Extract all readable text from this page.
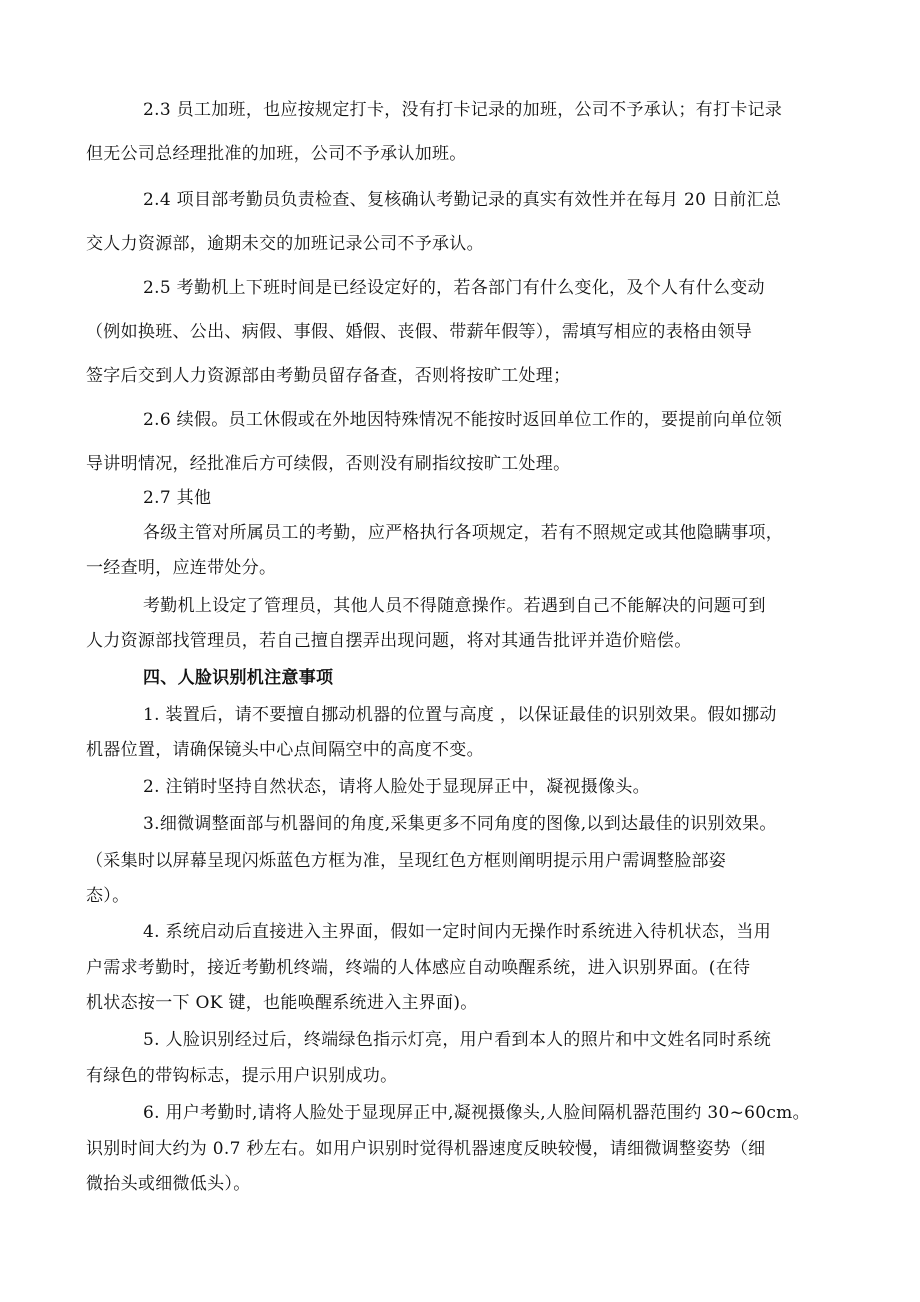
2.3 员工加班，也应按规定打卡，没有打卡记录的加班，公司不予承认；有打卡记录
但无公司总经理批准的加班，公司不予承认加班。
2.4 项目部考勤员负责检查、复核确认考勤记录的真实有效性并在每月 20 日前汇总
交人力资源部，逾期未交的加班记录公司不予承认。
2.5 考勤机上下班时间是已经设定好的，若各部门有什么变化，及个人有什么变动
（例如换班、公出、病假、事假、婚假、丧假、带薪年假等），需填写相应的表格由领导
签字后交到人力资源部由考勤员留存备查，否则将按旷工处理；
2.6 续假。员工休假或在外地因特殊情况不能按时返回单位工作的，要提前向单位领
导讲明情况，经批准后方可续假，否则没有刷指纹按旷工处理。
2.7 其他
各级主管对所属员工的考勤，应严格执行各项规定，若有不照规定或其他隐瞒事项，
一经查明，应连带处分。
考勤机上设定了管理员，其他人员不得随意操作。若遇到自己不能解决的问题可到
人力资源部找管理员，若自己擅自摆弄出现问题，将对其通告批评并造价赔偿。
四、人脸识别机注意事项
1. 装置后，请不要擅自挪动机器的位置与高度 ，以保证最佳的识别效果。假如挪动
机器位置，请确保镜头中心点间隔空中的高度不变。
2. 注销时坚持自然状态，请将人脸处于显现屏正中，凝视摄像头。
3.细微调整面部与机器间的角度,采集更多不同角度的图像,以到达最佳的识别效果。
（采集时以屏幕呈现闪烁蓝色方框为准，呈现红色方框则阐明提示用户需调整脸部姿
态）。
4. 系统启动后直接进入主界面，假如一定时间内无操作时系统进入待机状态，当用
户需求考勤时，接近考勤机终端，终端的人体感应自动唤醒系统，进入识别界面。(在待
机状态按一下 OK 键，也能唤醒系统进入主界面)。
5. 人脸识别经过后，终端绿色指示灯亮，用户看到本人的照片和中文姓名同时系统
有绿色的带钩标志，提示用户识别成功。
6. 用户考勤时,请将人脸处于显现屏正中,凝视摄像头,人脸间隔机器范围约 30~60cm。
识别时间大约为 0.7 秒左右。如用户识别时觉得机器速度反映较慢，请细微调整姿势（细
微抬头或细微低头）。
